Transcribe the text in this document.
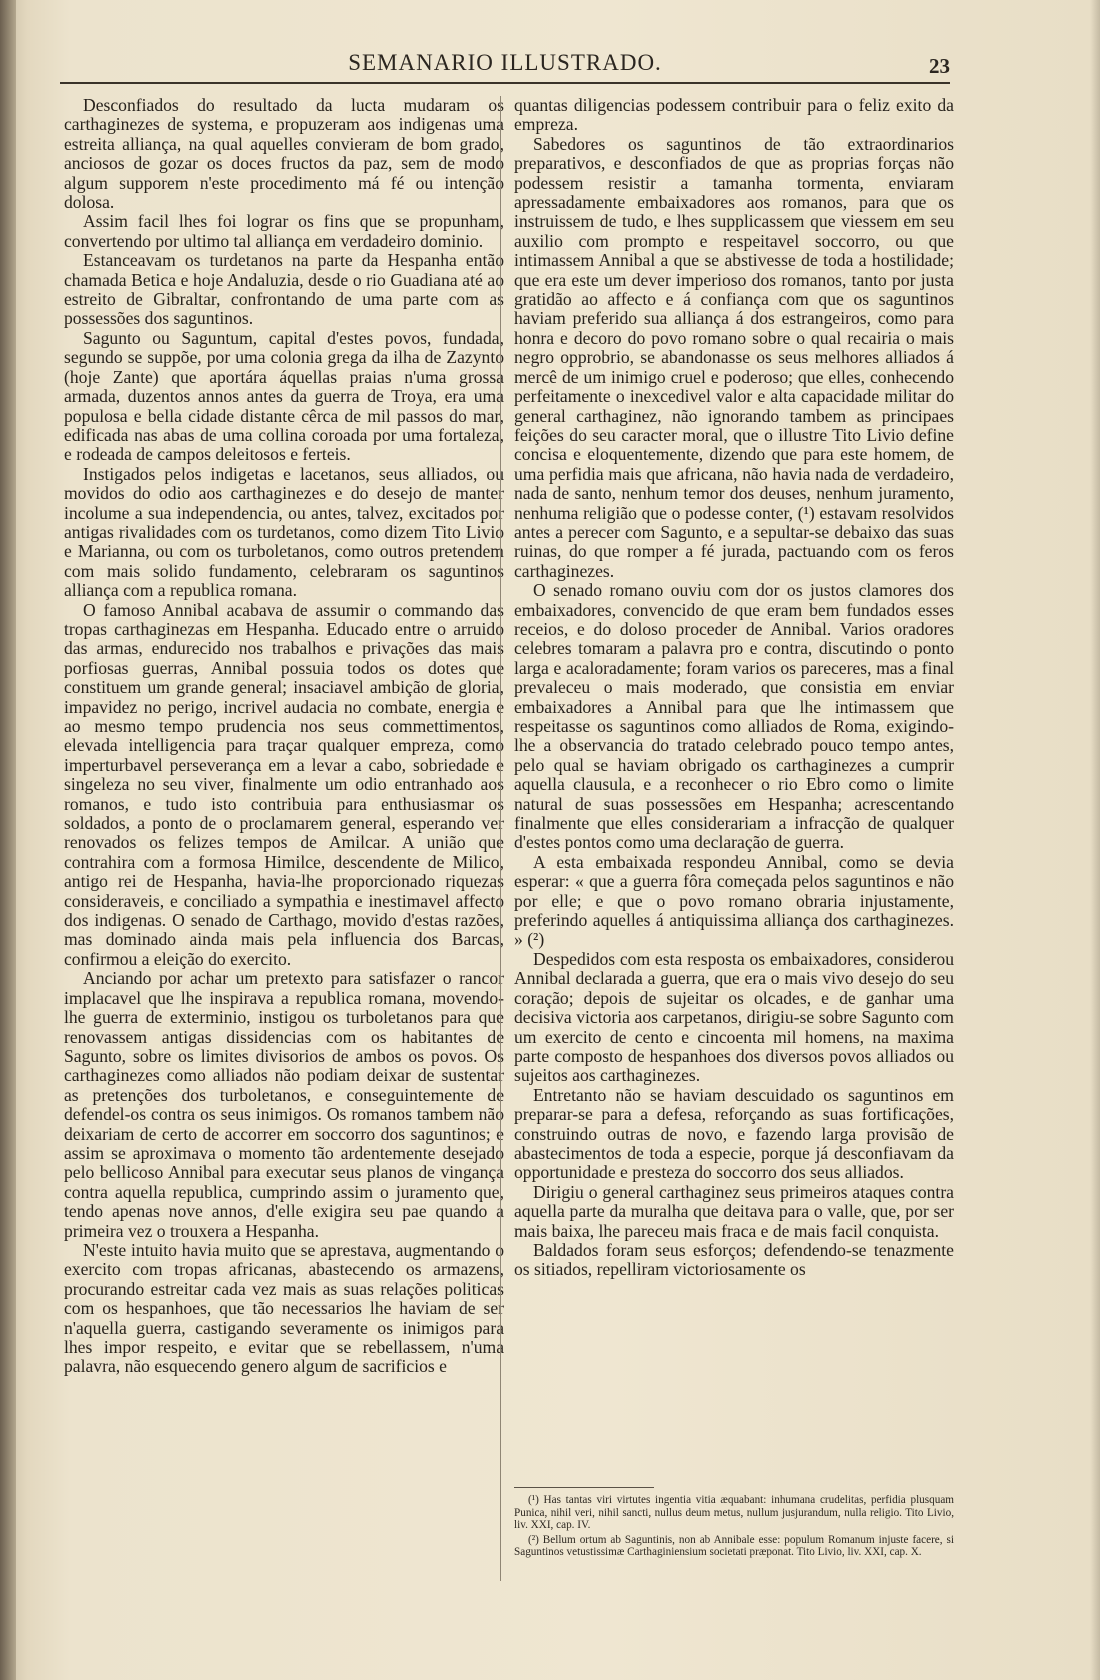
SEMANARIO ILLUSTRADO.	23

Desconfiados do resultado da lucta mudaram os carthaginezes de systema, e propuzeram aos indigenas uma estreita alliança, na qual aquelles convieram de bom grado, anciosos de gozar os doces fructos da paz, sem de modo algum supporem n'este procedimento má fé ou intenção dolosa.

Assim facil lhes foi lograr os fins que se propunham, convertendo por ultimo tal alliança em verdadeiro dominio.

Estanceavam os turdetanos na parte da Hespanha então chamada Betica e hoje Andaluzia, desde o rio Guadiana até ao estreito de Gibraltar, confrontando de uma parte com as possessões dos saguntinos.

Sagunto ou Saguntum, capital d'estes povos, fundada, segundo se suppõe, por uma colonia grega da ilha de Zazynto (hoje Zante) que aportára áquellas praias n'uma grossa armada, duzentos annos antes da guerra de Troya, era uma populosa e bella cidade distante cêrca de mil passos do mar, edificada nas abas de uma collina coroada por uma fortaleza, e rodeada de campos deleitosos e ferteis.

Instigados pelos indigetas e lacetanos, seus alliados, ou movidos do odio aos carthaginezes e do desejo de manter incolume a sua independencia, ou antes, talvez, excitados por antigas rivalidades com os turdetanos, como dizem Tito Livio e Marianna, ou com os turboletanos, como outros pretendem com mais solido fundamento, celebraram os saguntinos alliança com a republica romana.

O famoso Annibal acabava de assumir o commando das tropas carthaginezas em Hespanha. Educado entre o arruido das armas, endurecido nos trabalhos e privações das mais porfiosas guerras, Annibal possuia todos os dotes que constituem um grande general; insaciavel ambição de gloria, impavidez no perigo, incrivel audacia no combate, energia e ao mesmo tempo prudencia nos seus commettimentos, elevada intelligencia para traçar qualquer empreza, como imperturbavel perseverança em a levar a cabo, sobriedade e singeleza no seu viver, finalmente um odio entranhado aos romanos, e tudo isto contribuia para enthusiasmar os soldados, a ponto de o proclamarem general, esperando ver renovados os felizes tempos de Amilcar. A união que contrahira com a formosa Himilce, descendente de Milico, antigo rei de Hespanha, havia-lhe proporcionado riquezas consideraveis, e conciliado a sympathia e inestimavel affecto dos indigenas. O senado de Carthago, movido d'estas razões, mas dominado ainda mais pela influencia dos Barcas, confirmou a eleição do exercito.

Anciando por achar um pretexto para satisfazer o rancor implacavel que lhe inspirava a republica romana, movendo-lhe guerra de exterminio, instigou os turboletanos para que renovassem antigas dissidencias com os habitantes de Sagunto, sobre os limites divisorios de ambos os povos. Os carthaginezes como alliados não podiam deixar de sustentar as pretenções dos turboletanos, e conseguintemente de defendel-os contra os seus inimigos. Os romanos tambem não deixariam de certo de accorrer em soccorro dos saguntinos; e assim se aproximava o momento tão ardentemente desejado pelo bellicoso Annibal para executar seus planos de vingança contra aquella republica, cumprindo assim o juramento que, tendo apenas nove annos, d'elle exigira seu pae quando a primeira vez o trouxera a Hespanha.

N'este intuito havia muito que se aprestava, augmentando o exercito com tropas africanas, abastecendo os armazens, procurando estreitar cada vez mais as suas relações politicas com os hespanhoes, que tão necessarios lhe haviam de ser n'aquella guerra, castigando severamente os inimigos para lhes impor respeito, e evitar que se rebellassem, n'uma palavra, não esquecendo genero algum de sacrificios e

quantas diligencias podessem contribuir para o feliz exito da empreza.

Sabedores os saguntinos de tão extraordinarios preparativos, e desconfiados de que as proprias forças não podessem resistir a tamanha tormenta, enviaram apressadamente embaixadores aos romanos, para que os instruissem de tudo, e lhes supplicassem que viessem em seu auxilio com prompto e respeitavel soccorro, ou que intimassem Annibal a que se abstivesse de toda a hostilidade; que era este um dever imperioso dos romanos, tanto por justa gratidão ao affecto e á confiança com que os saguntinos haviam preferido sua alliança á dos estrangeiros, como para honra e decoro do povo romano sobre o qual recairia o mais negro opprobrio, se abandonasse os seus melhores alliados á mercê de um inimigo cruel e poderoso; que elles, conhecendo perfeitamente o inexcedivel valor e alta capacidade militar do general carthaginez, não ignorando tambem as principaes feições do seu caracter moral, que o illustre Tito Livio define concisa e eloquentemente, dizendo que para este homem, de uma perfidia mais que africana, não havia nada de verdadeiro, nada de santo, nenhum temor dos deuses, nenhum juramento, nenhuma religião que o podesse conter, (¹) estavam resolvidos antes a perecer com Sagunto, e a sepultar-se debaixo das suas ruinas, do que romper a fé jurada, pactuando com os feros carthaginezes.

O senado romano ouviu com dor os justos clamores dos embaixadores, convencido de que eram bem fundados esses receios, e do doloso proceder de Annibal. Varios oradores celebres tomaram a palavra pro e contra, discutindo o ponto larga e acaloradamente; foram varios os pareceres, mas a final prevaleceu o mais moderado, que consistia em enviar embaixadores a Annibal para que lhe intimassem que respeitasse os saguntinos como alliados de Roma, exigindo-lhe a observancia do tratado celebrado pouco tempo antes, pelo qual se haviam obrigado os carthaginezes a cumprir aquella clausula, e a reconhecer o rio Ebro como o limite natural de suas possessões em Hespanha; acrescentando finalmente que elles considerariam a infracção de qualquer d'estes pontos como uma declaração de guerra.

A esta embaixada respondeu Annibal, como se devia esperar: « que a guerra fôra começada pelos saguntinos e não por elle; e que o povo romano obraria injustamente, preferindo aquelles á antiquissima alliança dos carthaginezes. » (²)

Despedidos com esta resposta os embaixadores, considerou Annibal declarada a guerra, que era o mais vivo desejo do seu coração; depois de sujeitar os olcades, e de ganhar uma decisiva victoria aos carpetanos, dirigiu-se sobre Sagunto com um exercito de cento e cincoenta mil homens, na maxima parte composto de hespanhoes dos diversos povos alliados ou sujeitos aos carthaginezes.

Entretanto não se haviam descuidado os saguntinos em preparar-se para a defesa, reforçando as suas fortificações, construindo outras de novo, e fazendo larga provisão de abastecimentos de toda a especie, porque já desconfiavam da opportunidade e presteza do soccorro dos seus alliados.

Dirigiu o general carthaginez seus primeiros ataques contra aquella parte da muralha que deitava para o valle, que, por ser mais baixa, lhe pareceu mais fraca e de mais facil conquista.

Baldados foram seus esforços; defendendo-se tenazmente os sitiados, repelliram victoriosamente os

(¹) Has tantas viri virtutes ingentia vitia æquabant: inhumana crudelitas, perfidia plusquam Punica, nihil veri, nihil sancti, nullus deum metus, nullum jusjurandum, nulla religio. Tito Livio, liv. XXI, cap. IV.

(²) Bellum ortum ab Saguntinis, non ab Annibale esse: populum Romanum injuste facere, si Saguntinos vetustissimæ Carthaginiensium societati præponat. Tito Livio, liv. XXI, cap. X.
